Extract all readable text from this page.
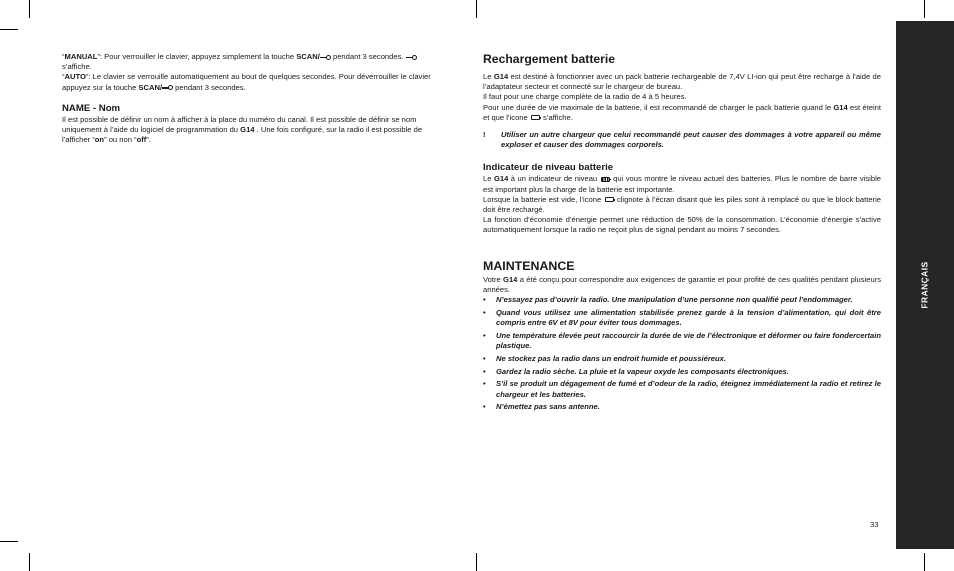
“MANUAL”: Pour verrouiller le clavier, appuyez simplement la touche SCAN/ pendant 3 secondes.
s’affiche.

“AUTO”: Le clavier se verrouille automatiquement au bout de quelques secondes. Pour déverrouiller le clavier appuyez sur la touche SCAN/ pendant 3 secondes.

NAME - Nom

Il est possible de définir un nom à afficher à la place du numéro du canal. Il est possible de définir se nom uniquement à l’aide du logiciel de programmation du G14 . Une fois configuré, sur la radio il est possible de l’afficher “on” ou non “off”.

Rechargement batterie

Le G14 est destiné à fonctionner avec un pack batterie rechargeable de 7,4V LI-ion qui peut être recharge à l’aide de l’adaptateur secteur et connecté sur le chargeur de bureau.

Il faut pour une charge complète de la radio de 4 à 5 heures.

Pour une durée de vie maximale de la batterie, il est recommandé de charger le pack batterie quand le G14 est éteint et que l’icone  s’affiche.

!	Utiliser un autre chargeur que celui recommandé peut causer des dommages à votre appareil ou même exploser et causer des dommages corporels.
Indicateur de niveau batterie

Le G14 à un indicateur de niveau  qui vous montre le niveau actuel des batteries. Plus le nombre de barre visible est important plus la charge de la batterie est importante.

Lorsque la batterie est vide, l’icone  clignote à l’écran disant que les piles sont à remplacé ou que le block batterie doit être rechargé.

La fonction d’économie d’énergie permet une réduction de 50% de la consommation. L’économie d’énergie s’active automatiquement lorsque la radio ne reçoit plus de signal pendant au moins 7 secondes.

MAINTENANCE

Votre G14 a été conçu pour correspondre aux exigences de garantie et pour profité de ces qualités pendant plusieurs années.

•	N’essayez pas d’ouvrir la radio. Une manipulation d’une personne non qualifié peut l’endommager.
•	Quand vous utilisez une alimentation stabilisée prenez garde à la tension d’alimentation, qui doit être compris entre 6V et 8V pour éviter tous dommages.
•	Une température élevée peut raccourcir la durée de vie de l’électronique et déformer ou faire fondercertain plastique.
•	Ne stockez pas la radio dans un endroit humide et poussiéreux.
•	Gardez la radio sèche. La pluie et la vapeur oxyde les composants électroniques.
•	S’il se produit un dégagement de fumé et d’odeur de la radio, éteignez immédiatement la radio et retirez le chargeur et les batteries.
•	N’émettez pas sans antenne.
FRANÇAIS
33
